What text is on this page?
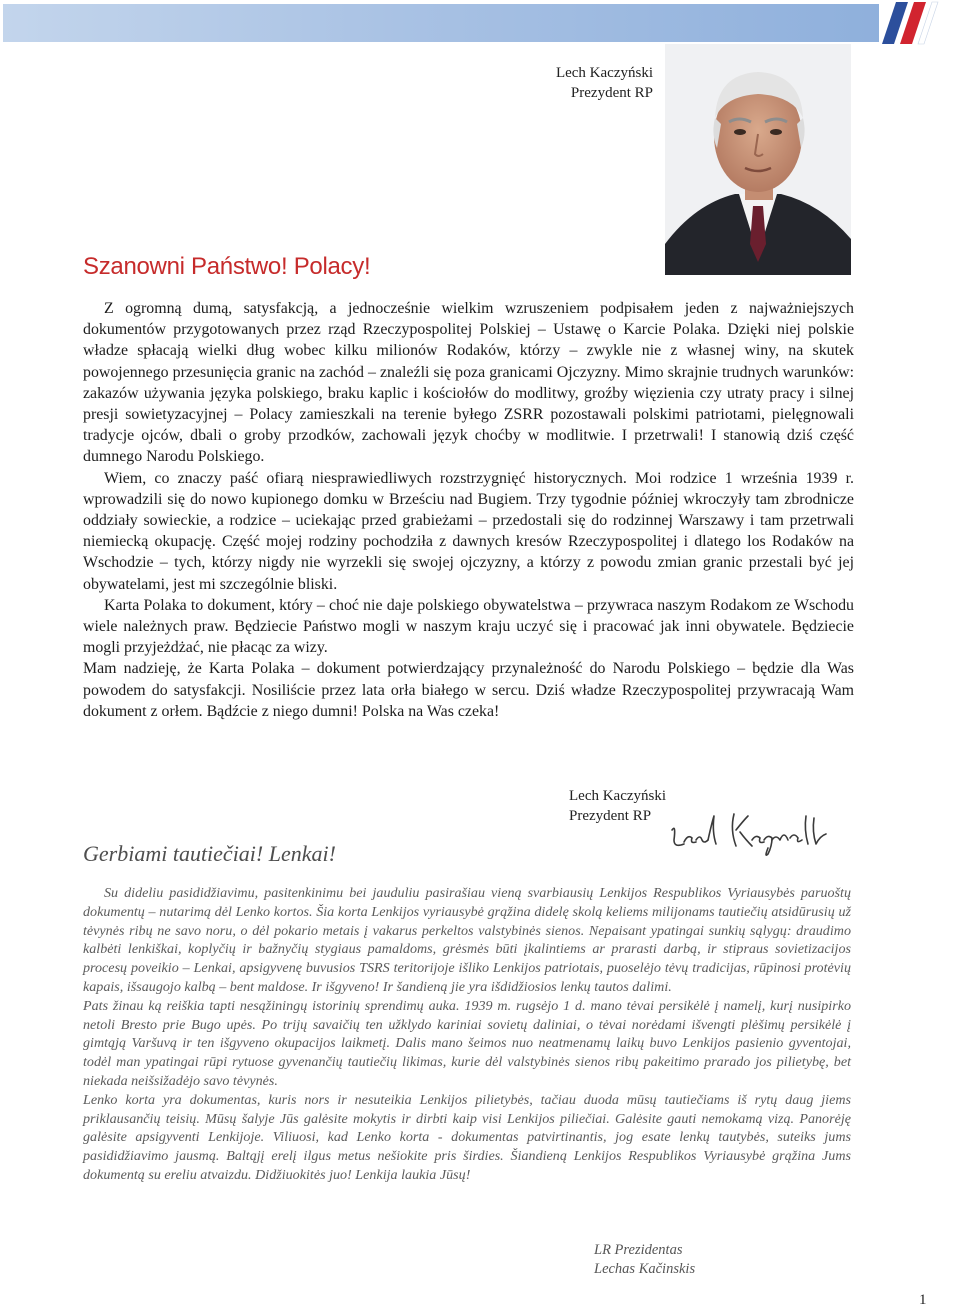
Lech Kaczyński
Prezydent RP
Szanowni Państwo! Polacy!

Z ogromną dumą, satysfakcją, a jednocześnie wielkim wzruszeniem podpisałem jeden z najważniejszych dokumentów przygotowanych przez rząd Rzeczypospolitej Polskiej – Ustawę o Karcie Polaka. Dzięki niej polskie władze spłacają wielki dług wobec kilku milionów Rodaków, którzy – zwykle nie z własnej winy, na skutek powojennego przesunięcia granic na zachód – znaleźli się poza granicami Ojczyzny. Mimo skrajnie trudnych warunków: zakazów używania języka polskiego, braku kaplic i kościołów do modlitwy, groźby więzienia czy utraty pracy i silnej presji sowietyzacyjnej – Polacy zamieszkali na terenie byłego ZSRR pozostawali polskimi patriotami, pielęgnowali tradycje ojców, dbali o groby przodków, zachowali język choćby w modlitwie. I przetrwali! I stanowią dziś część dumnego Narodu Polskiego.

Wiem, co znaczy paść ofiarą niesprawiedliwych rozstrzygnięć historycznych. Moi rodzice 1 września 1939 r. wprowadzili się do nowo kupionego domku w Brześciu nad Bugiem. Trzy tygodnie później wkroczyły tam zbrodnicze oddziały sowieckie, a rodzice – uciekając przed grabieżami – przedostali się do rodzinnej Warszawy i tam przetrwali niemiecką okupację. Część mojej rodziny pochodziła z dawnych kresów Rzeczypospolitej i dlatego los Rodaków na Wschodzie – tych, którzy nigdy nie wyrzekli się swojej ojczyzny, a którzy z powodu zmian granic przestali być jej obywatelami, jest mi szczególnie bliski.

Karta Polaka to dokument, który – choć nie daje polskiego obywatelstwa – przywraca naszym Rodakom ze Wschodu wiele należnych praw. Będziecie Państwo mogli w naszym kraju uczyć się i pracować jak inni obywatele. Będziecie mogli przyjeżdżać, nie płacąc za wizy.

Mam nadzieję, że Karta Polaka – dokument potwierdzający przynależność do Narodu Polskiego – będzie dla Was powodem do satysfakcji. Nosiliście przez lata orła białego w sercu. Dziś władze Rzeczypospolitej przywracają Wam dokument z orłem. Bądźcie z niego dumni! Polska na Was czeka!

Lech Kaczyński
Prezydent RP
Gerbiami tautiečiai! Lenkai!

Su dideliu pasididžiavimu, pasitenkinimu bei jauduliu pasirašiau vieną svarbiausių Lenkijos Respublikos Vyriausybės paruoštų dokumentų – nutarimą dėl Lenko kortos. Šia korta Lenkijos vyriausybė grąžina didelę skolą keliems milijonams tautiečių atsidūrusių už tėvynės ribų ne savo noru, o dėl pokario metais į vakarus perkeltos valstybinės sienos. Nepaisant ypatingai sunkių sąlygų: draudimo kalbėti lenkiškai, koplyčių ir bažnyčių stygiaus pamaldoms, grėsmės būti įkalintiems ar prarasti darbą, ir stipraus sovietizacijos procesų poveikio – Lenkai, apsigyvenę buvusios TSRS teritorijoje išliko Lenkijos patriotais, puoselėjo tėvų tradicijas, rūpinosi protėvių kapais, išsaugojo kalbą – bent maldose. Ir išgyveno! Ir šandieną jie yra išdidžiosios lenkų tautos dalimi.

Pats žinau ką reiškia tapti nesąžiningų istorinių sprendimų auka. 1939 m. rugsėjo 1 d. mano tėvai persikėlė į namelį, kurį nusipirko netoli Bresto prie Bugo upės. Po trijų savaičių ten užklydo kariniai sovietų daliniai, o tėvai norėdami išvengti plėšimų persikėlė į gimtąją Varšuvą ir ten išgyveno okupacijos laikmetį. Dalis mano šeimos nuo neatmenamų laikų buvo Lenkijos pasienio gyventojai, todėl man ypatingai rūpi rytuose gyvenančių tautiečių likimas, kurie dėl valstybinės sienos ribų pakeitimo prarado jos pilietybę, bet niekada neišsižadėjo savo tėvynės.

Lenko korta yra dokumentas, kuris nors ir nesuteikia Lenkijos pilietybės, tačiau duoda mūsų tautiečiams iš rytų daug jiems priklausančių teisių. Mūsų šalyje Jūs galėsite mokytis ir dirbti kaip visi Lenkijos piliečiai. Galėsite gauti nemokamą vizą. Panorėję galėsite apsigyventi Lenkijoje. Viliuosi, kad Lenko korta - dokumentas patvirtinantis, jog esate lenkų tautybės, suteiks jums pasididžiavimo jausmą. Baltąjį erelį ilgus metus nešiokite pris širdies. Šiandieną Lenkijos Respublikos Vyriausybė grąžina Jums dokumentą su ereliu atvaizdu. Didžiuokitės juo! Lenkija laukia Jūsų!

LR Prezidentas
Lechas Kačinskis
1
